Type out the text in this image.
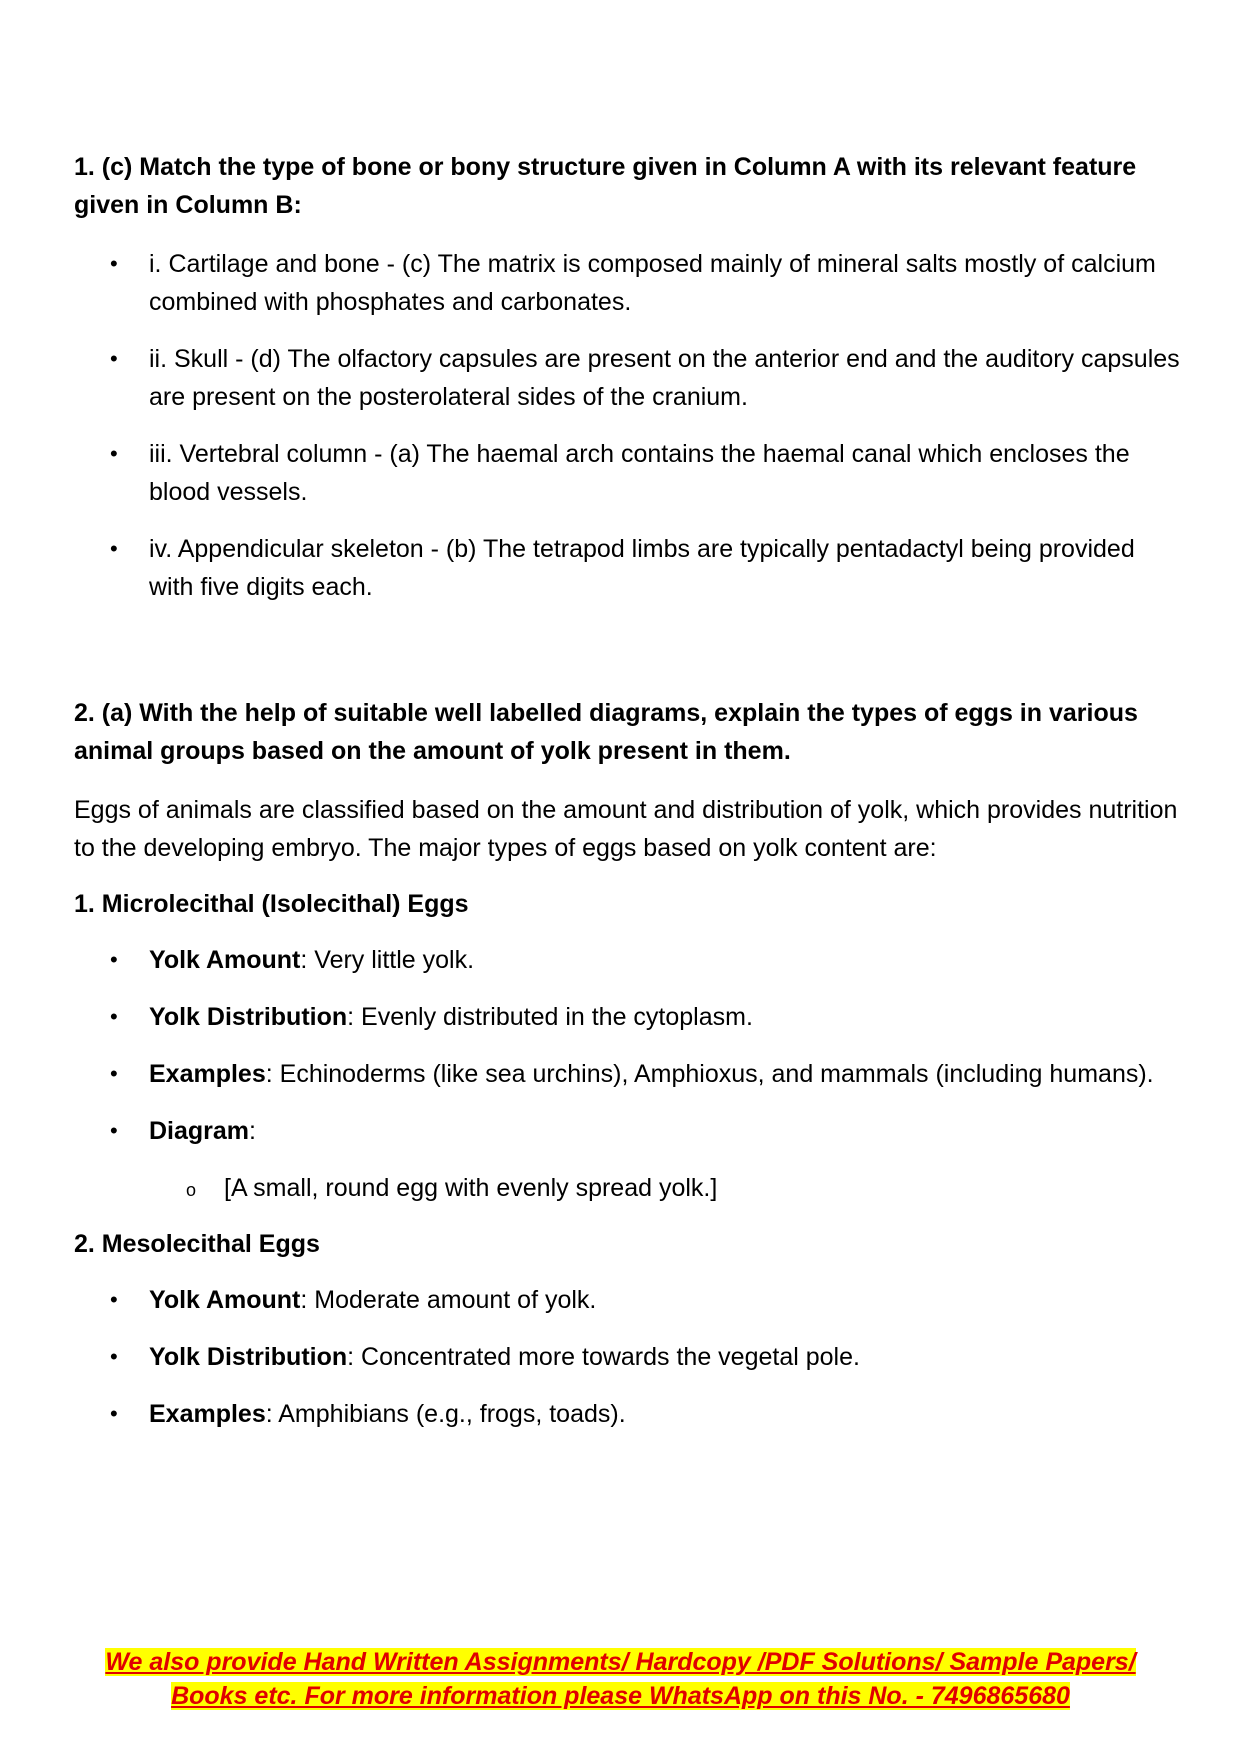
1. (c) Match the type of bone or bony structure given in Column A with its relevant feature given in Column B:
• i. Cartilage and bone - (c) The matrix is composed mainly of mineral salts mostly of calcium combined with phosphates and carbonates.
• ii. Skull - (d) The olfactory capsules are present on the anterior end and the auditory capsules are present on the posterolateral sides of the cranium.
• iii. Vertebral column - (a) The haemal arch contains the haemal canal which encloses the blood vessels.
• iv. Appendicular skeleton - (b) The tetrapod limbs are typically pentadactyl being provided with five digits each.
2. (a) With the help of suitable well labelled diagrams, explain the types of eggs in various animal groups based on the amount of yolk present in them.
Eggs of animals are classified based on the amount and distribution of yolk, which provides nutrition to the developing embryo. The major types of eggs based on yolk content are:
1. Microlecithal (Isolecithal) Eggs
• Yolk Amount: Very little yolk.
• Yolk Distribution: Evenly distributed in the cytoplasm.
• Examples: Echinoderms (like sea urchins), Amphioxus, and mammals (including humans).
• Diagram:
o [A small, round egg with evenly spread yolk.]
2. Mesolecithal Eggs
• Yolk Amount: Moderate amount of yolk.
• Yolk Distribution: Concentrated more towards the vegetal pole.
• Examples: Amphibians (e.g., frogs, toads).
We also provide Hand Written Assignments/ Hardcopy /PDF Solutions/ Sample Papers/
Books etc. For more information please WhatsApp on this No. - 7496865680
